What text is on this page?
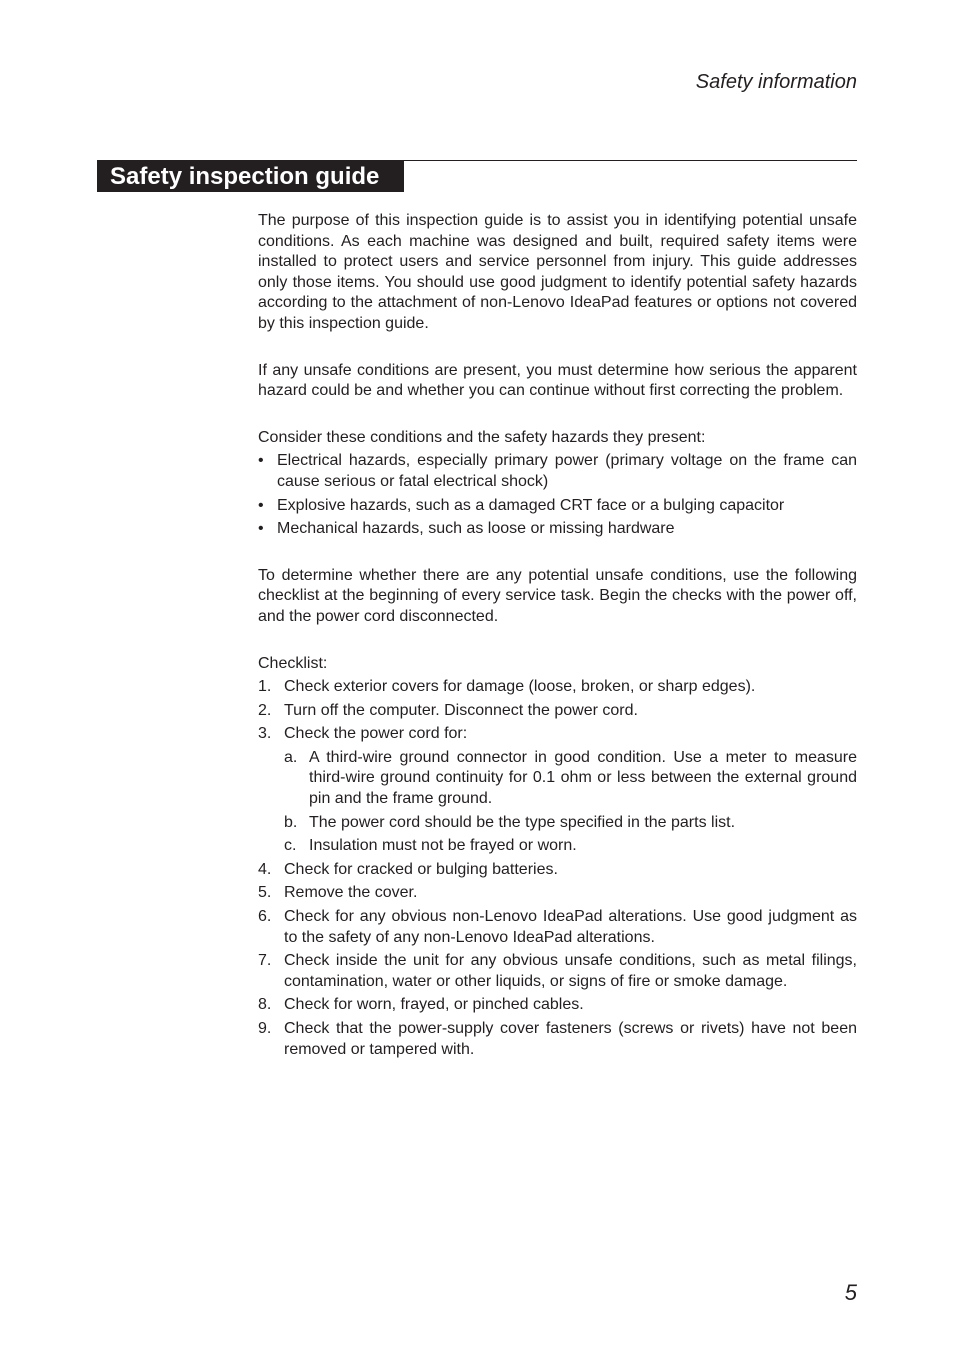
Safety information
Safety inspection guide

The purpose of this inspection guide is to assist you in identifying potential unsafe conditions. As each machine was designed and built, required safety items were installed to protect users and service personnel from injury. This guide addresses only those items. You should use good judgment to identify potential safety hazards according to the attachment of non-Lenovo IdeaPad features or options not covered by this inspection guide.

If any unsafe conditions are present, you must determine how serious the apparent hazard could be and whether you can continue without first correcting the problem.

Consider these conditions and the safety hazards they present:

• Electrical hazards, especially primary power (primary voltage on the frame can cause serious or fatal electrical shock)
• Explosive hazards, such as a damaged CRT face or a bulging capacitor
• Mechanical hazards, such as loose or missing hardware

To determine whether there are any potential unsafe conditions, use the following checklist at the beginning of every service task. Begin the checks with the power off, and the power cord disconnected.

Checklist:

1. Check exterior covers for damage (loose, broken, or sharp edges).
2. Turn off the computer. Disconnect the power cord.
3. Check the power cord for:
a. A third-wire ground connector in good condition. Use a meter to measure third-wire ground continuity for 0.1 ohm or less between the external ground pin and the frame ground.
b. The power cord should be the type specified in the parts list.
c. Insulation must not be frayed or worn.
4. Check for cracked or bulging batteries.
5. Remove the cover.
6. Check for any obvious non-Lenovo IdeaPad alterations. Use good judgment as to the safety of any non-Lenovo IdeaPad alterations.
7. Check inside the unit for any obvious unsafe conditions, such as metal filings, contamination, water or other liquids, or signs of fire or smoke damage.
8. Check for worn, frayed, or pinched cables.
9. Check that the power-supply cover fasteners (screws or rivets) have not been removed or tampered with.
5
